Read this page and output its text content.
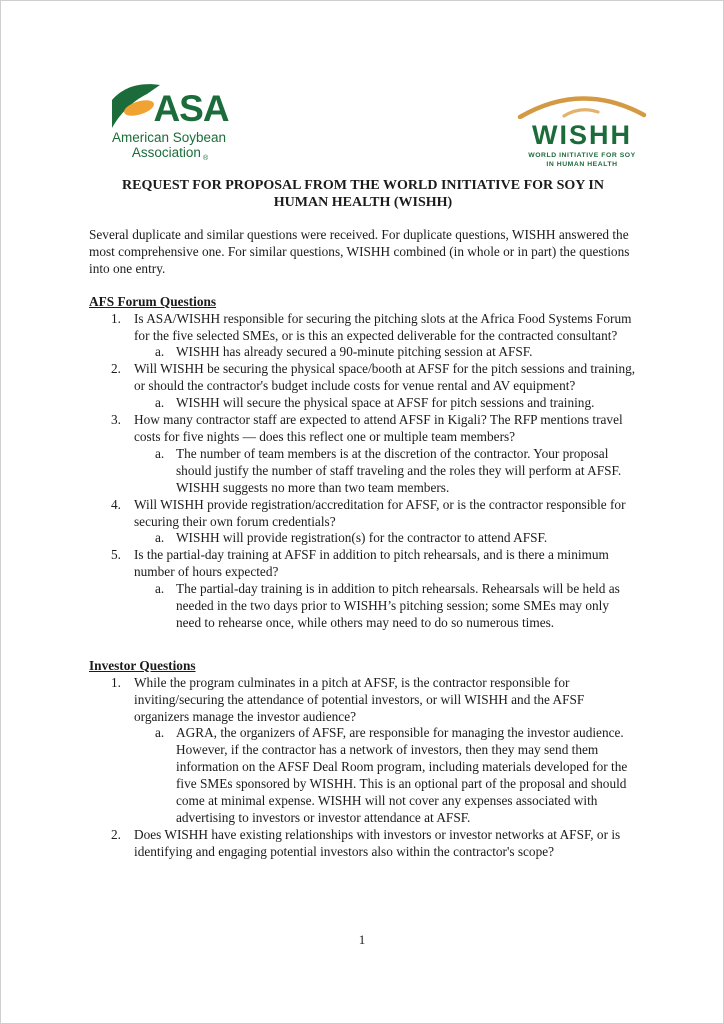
ASA
American Soybean
Association $_®$
WISHH
WORLD INITIATIVE FOR SOY
IN HUMAN HEALTH
REQUEST FOR PROPOSAL FROM THE WORLD INITIATIVE FOR SOY IN
HUMAN HEALTH (WISHH)
Several duplicate and similar questions were received. For duplicate questions, WISHH answered the most comprehensive one. For similar questions, WISHH combined (in whole or in part) the questions into one entry.
AFS Forum Questions
1. Is ASA/WISHH responsible for securing the pitching slots at the Africa Food Systems Forum for the five selected SMEs, or is this an expected deliverable for the contracted consultant?
a. WISHH has already secured a 90-minute pitching session at AFSF.
2. Will WISHH be securing the physical space/booth at AFSF for the pitch sessions and training, or should the contractor's budget include costs for venue rental and AV equipment?
a. WISHH will secure the physical space at AFSF for pitch sessions and training.
3. How many contractor staff are expected to attend AFSF in Kigali? The RFP mentions travel costs for five nights — does this reflect one or multiple team members?
a. The number of team members is at the discretion of the contractor. Your proposal should justify the number of staff traveling and the roles they will perform at AFSF. WISHH suggests no more than two team members.
4. Will WISHH provide registration/accreditation for AFSF, or is the contractor responsible for securing their own forum credentials?
a. WISHH will provide registration(s) for the contractor to attend AFSF.
5. Is the partial-day training at AFSF in addition to pitch rehearsals, and is there a minimum number of hours expected?
a. The partial-day training is in addition to pitch rehearsals. Rehearsals will be held as needed in the two days prior to WISHH’s pitching session; some SMEs may only need to rehearse once, while others may need to do so numerous times.
Investor Questions
1. While the program culminates in a pitch at AFSF, is the contractor responsible for inviting/securing the attendance of potential investors, or will WISHH and the AFSF organizers manage the investor audience?
a. AGRA, the organizers of AFSF, are responsible for managing the investor audience. However, if the contractor has a network of investors, then they may send them information on the AFSF Deal Room program, including materials developed for the five SMEs sponsored by WISHH. This is an optional part of the proposal and should come at minimal expense. WISHH will not cover any expenses associated with advertising to investors or investor attendance at AFSF.
2. Does WISHH have existing relationships with investors or investor networks at AFSF, or is identifying and engaging potential investors also within the contractor's scope?
1
